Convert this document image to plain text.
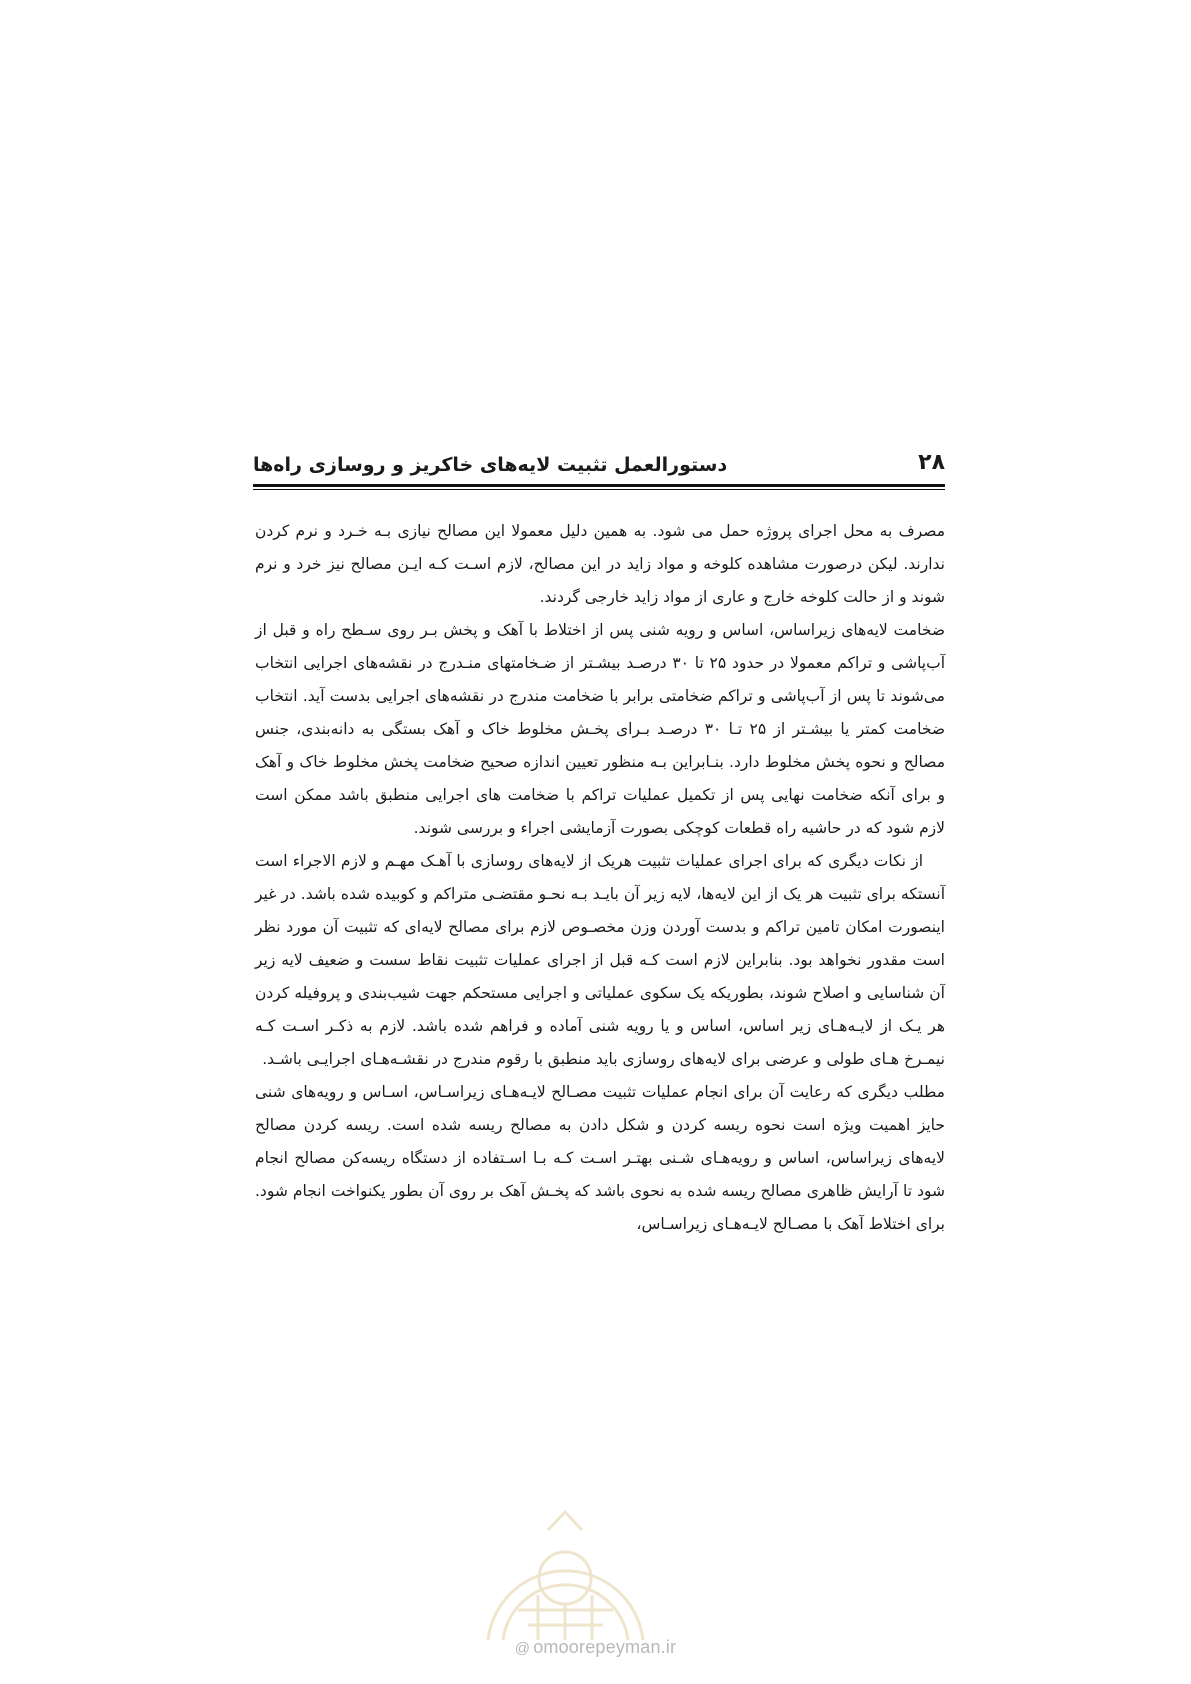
۲۸
دستورالعمل تثبیت لایه‌های خاکریز و روسازی راه‌ها

مصرف به محل اجرای پروژه حمل می شود. به همین دلیل معمولا این مصالح نیازی بـه خـرد و نرم کردن ندارند. لیکن درصورت مشاهده کلوخه و مواد زاید در این مصالح، لازم اسـت کـه ایـن مصالح نیز خرد و نرم شوند و از حالت کلوخه خارج و عاری از مواد زاید خارجی گردند.

ضخامت لایه‌های زیراساس، اساس و رویه شنی پس از اختلاط با آهک و پخش بـر روی سـطح راه و قبل از آب‌پاشی و تراکم معمولا در حدود ۲۵ تا ۳۰ درصـد بیشـتر از ضـخامتهای منـدرج در نقشه‌های اجرایی انتخاب می‌شوند تا پس از آب‌پاشی و تراکم ضخامتی برابر با ضخامت مندرج در نقشه‌های اجرایی بدست آید. انتخاب ضخامت کمتر یا بیشـتر از ۲۵ تـا ۳۰ درصـد بـرای پخـش مخلوط خاک و آهک بستگی به دانه‌بندی، جنس مصالح و نحوه پخش مخلوط دارد. بنـابراین بـه منظور تعیین اندازه صحیح ضخامت پخش مخلوط خاک و آهک و برای آنکه ضخامت نهایی پس از تکمیل عملیات تراکم با ضخامت های اجرایی منطبق باشد ممکن است لازم شود که در حاشیه راه قطعات کوچکی بصورت آزمایشی اجراء و بررسی شوند.

از نکات دیگری که برای اجرای عملیات تثبیت هریک از لایه‌های روسازی با آهـک مهـم و لازم الاجراء است آنستکه برای تثبیت هر یک از این لایه‌ها، لایه زیر آن بایـد بـه نحـو مقتضـی متراکم و کوبیده شده باشد. در غیر اینصورت امکان تامین تراکم و بدست آوردن وزن مخصـوص لازم برای مصالح لایه‌ای که تثبیت آن مورد نظر است مقدور نخواهد بود. بنابراین لازم است کـه قبل از اجرای عملیات تثبیت نقاط سست و ضعیف لایه زیر آن شناسایی و اصلاح شوند، بطوریکه یک سکوی عملیاتی و اجرایی مستحکم جهت شیب‌بندی و پروفیله کردن هر یـک از لایـه‌هـای زیر اساس، اساس و یا رویه شنی آماده و فراهم شده باشد. لازم به ذکـر اسـت کـه نیمـرخ هـای طولی و عرضی برای لایه‌های روسازی باید منطبق با رقوم مندرج در نقشـه‌هـای اجرایـی باشـد.

مطلب دیگری که رعایت آن برای انجام عملیات تثبیت مصـالح لایـه‌هـای زیراسـاس، اسـاس و رویه‌های شنی حایز اهمیت ویژه است نحوه ریسه کردن و شکل دادن به مصالح ریسه شده است. ریسه کردن مصالح لایه‌های زیراساس، اساس و رویه‌هـای شـنی بهتـر اسـت کـه بـا اسـتفاده از دستگاه ریسه‌کن مصالح انجام شود تا آرایش ظاهری مصالح ریسه شده به نحوی باشد که پخـش آهک بر روی آن بطور یکنواخت انجام شود. برای اختلاط آهک با مصـالح لایـه‌هـای زیراسـاس،

@ omoorepeyman.ir
